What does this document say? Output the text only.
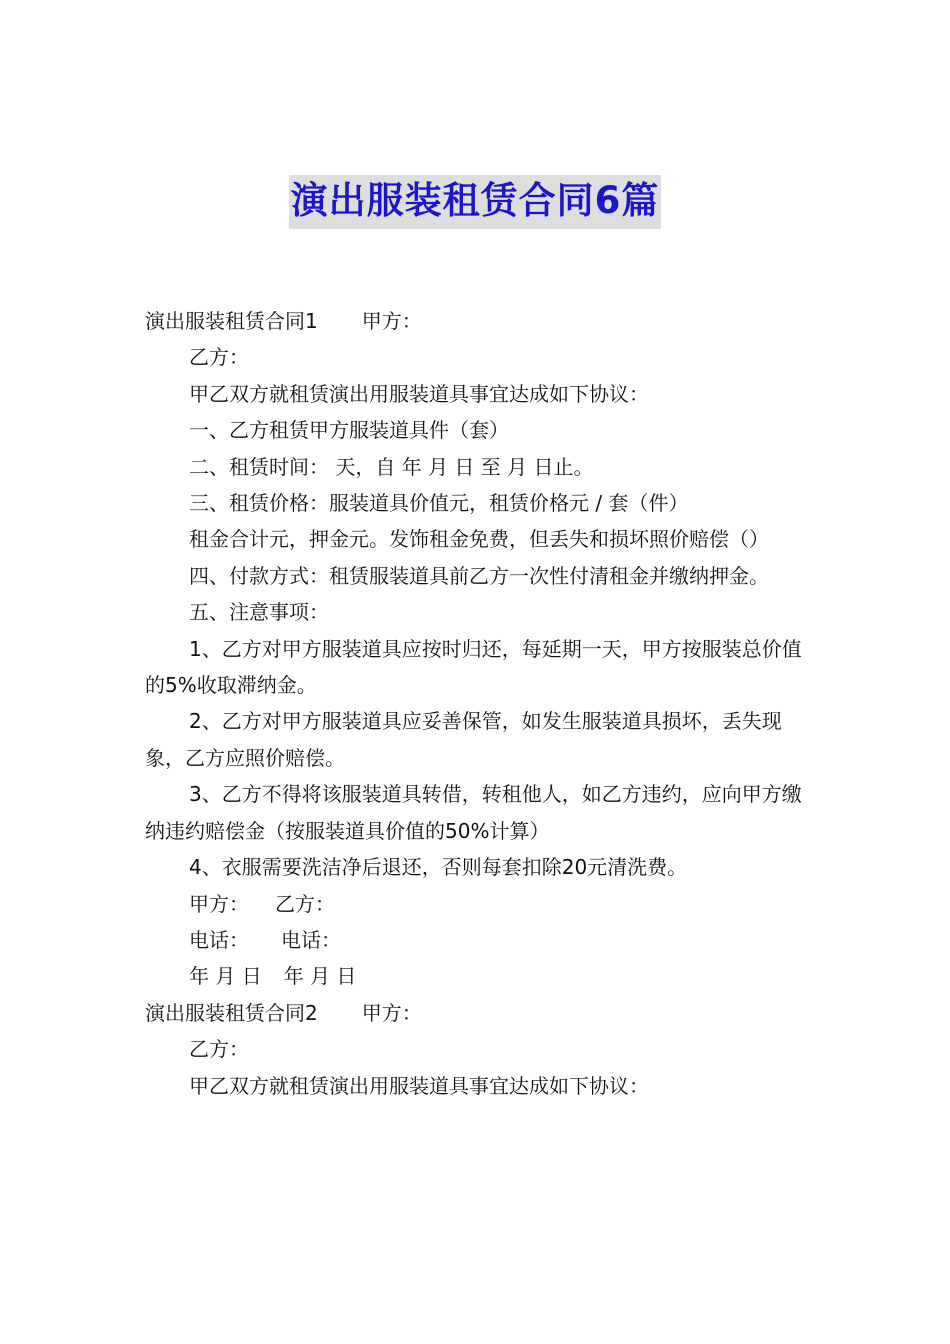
演出服装租赁合同6篇

演出服装租赁合同1 甲方：

乙方：

甲乙双方就租赁演出用服装道具事宜达成如下协议：

一、乙方租赁甲方服装道具件（套）

二、租赁时间： 天，自 年 月 日 至 月 日止。

三、租赁价格：服装道具价值元，租赁价格元 / 套（件）

租金合计元，押金元。发饰租金免费，但丢失和损坏照价赔偿（）

四、付款方式：租赁服装道具前乙方一次性付清租金并缴纳押金。

五、注意事项：

1、乙方对甲方服装道具应按时归还，每延期一天，甲方按服装总价值的5%收取滞纳金。

2、乙方对甲方服装道具应妥善保管，如发生服装道具损坏，丢失现象，乙方应照价赔偿。

3、乙方不得将该服装道具转借，转租他人，如乙方违约，应向甲方缴纳违约赔偿金（按服装道具价值的50%计算）

4、衣服需要洗洁净后退还，否则每套扣除20元清洗费。

甲方： 乙方：

电话： 电话：

年 月 日 年 月 日

演出服装租赁合同2 甲方：

乙方：

甲乙双方就租赁演出用服装道具事宜达成如下协议：
